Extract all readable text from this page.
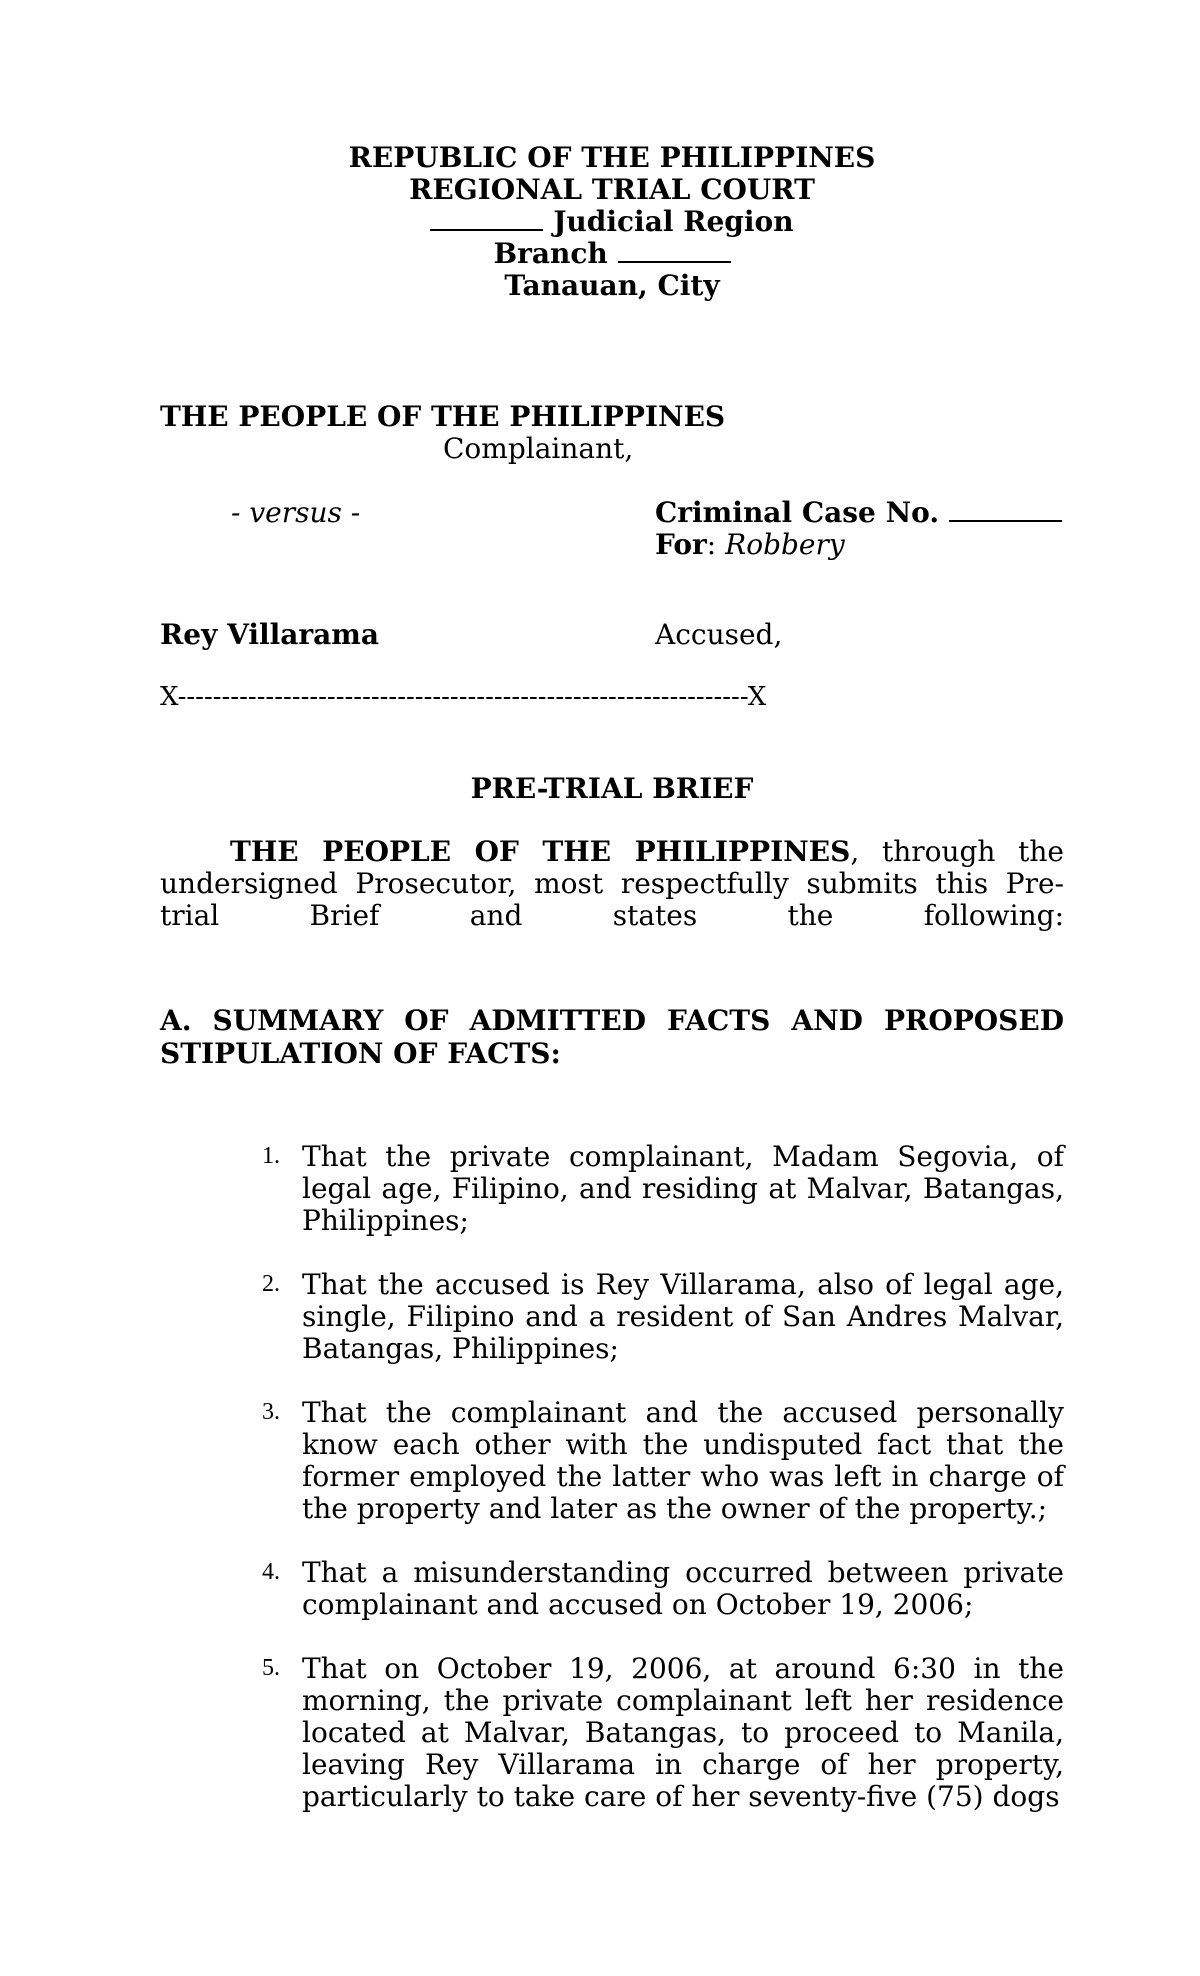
REPUBLIC OF THE PHILIPPINES
REGIONAL TRIAL COURT
Judicial Region
Branch
Tanauan, City
THE PEOPLE OF THE PHILIPPINES
Complainant,
- versus -	Criminal Case No.
For: Robbery
Rey Villarama	Accused,
X-----------------------------------------------------------------X
PRE-TRIAL BRIEF
THE PEOPLE OF THE PHILIPPINES, through the undersigned Prosecutor, most respectfully submits this Pre-trial Brief and states the following:
A. SUMMARY OF ADMITTED FACTS AND PROPOSED
STIPULATION OF FACTS:
1. That the private complainant, Madam Segovia, of legal age, Filipino, and residing at Malvar, Batangas, Philippines;
2. That the accused is Rey Villarama, also of legal age, single, Filipino and a resident of San Andres Malvar, Batangas, Philippines;
3. That the complainant and the accused personally know each other with the undisputed fact that the former employed the latter who was left in charge of the property and later as the owner of the property.;
4. That a misunderstanding occurred between private complainant and accused on October 19, 2006;
5. That on October 19, 2006, at around 6:30 in the morning, the private complainant left her residence located at Malvar, Batangas, to proceed to Manila, leaving Rey Villarama in charge of her property, particularly to take care of her seventy-five (75) dogs
